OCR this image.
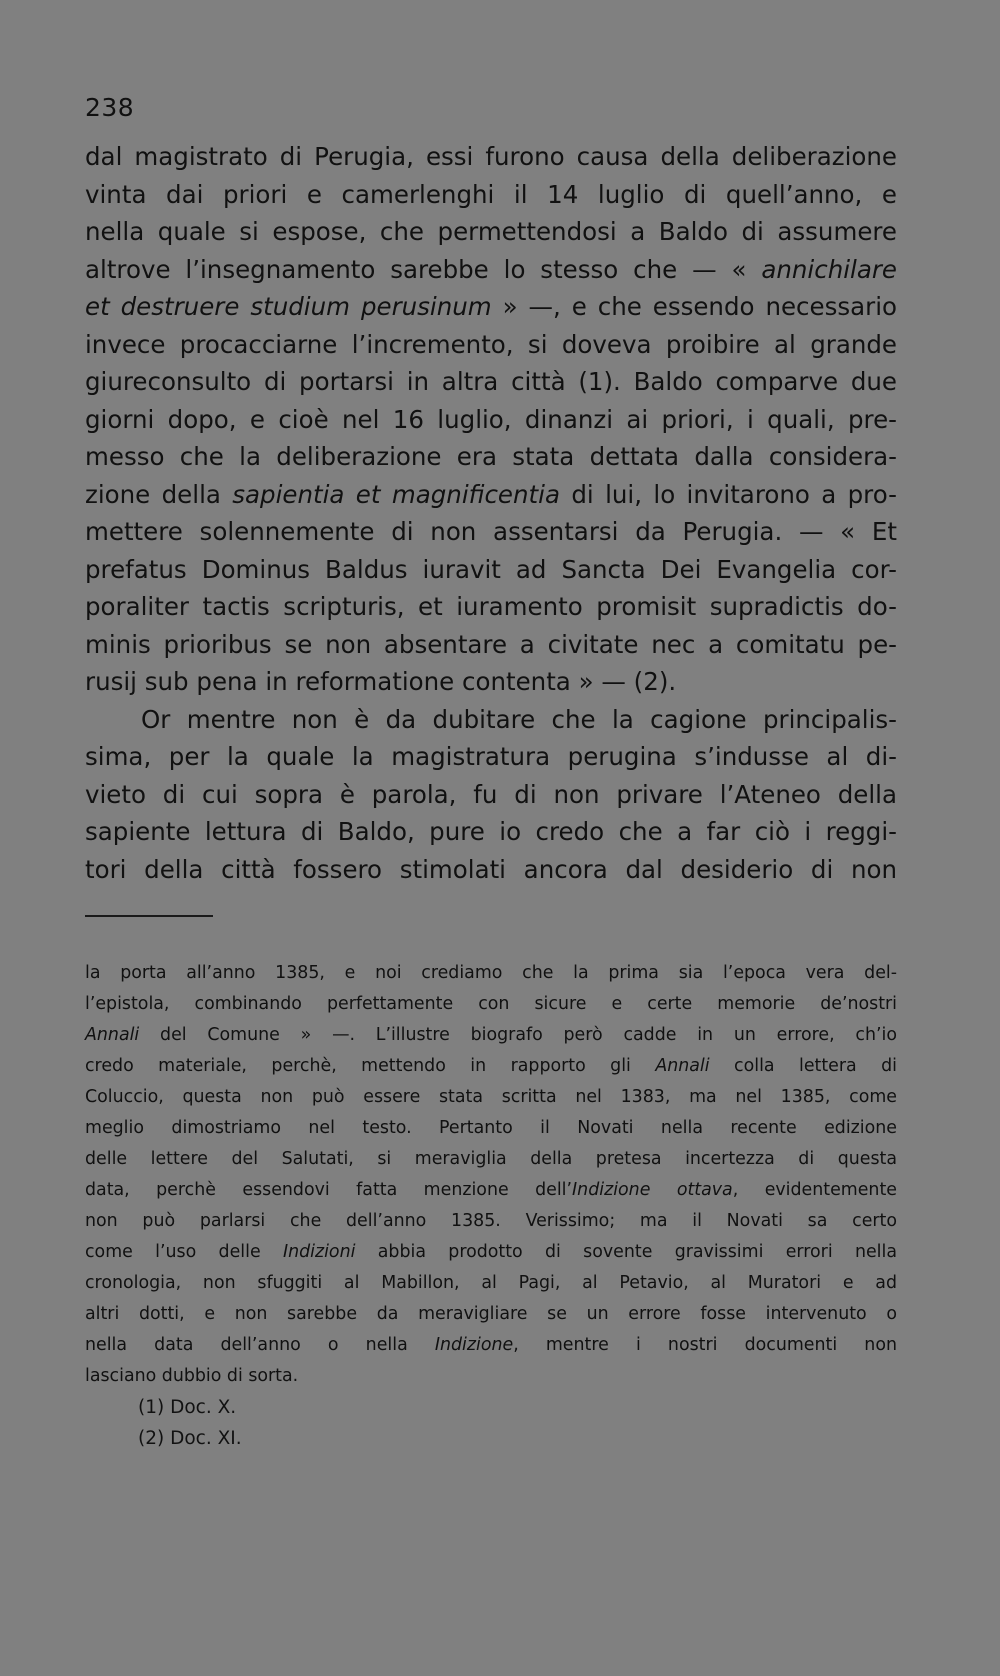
238
dal magistrato di Perugia, essi furono causa della deliberazione
vinta dai priori e camerlenghi il 14 luglio di quell’anno, e
nella quale si espose, che permettendosi a Baldo di assumere
altrove l’insegnamento sarebbe lo stesso che — « annichilare
et destruere studium perusinum » —, e che essendo necessario
invece procacciarne l’incremento, si doveva proibire al grande
giureconsulto di portarsi in altra città (1). Baldo comparve due
giorni dopo, e cioè nel 16 luglio, dinanzi ai priori, i quali, pre-
messo che la deliberazione era stata dettata dalla considera-
zione della sapientia et magnificentia di lui, lo invitarono a pro-
mettere solennemente di non assentarsi da Perugia. — « Et
prefatus Dominus Baldus iuravit ad Sancta Dei Evangelia cor-
poraliter tactis scripturis, et iuramento promisit supradictis do-
minis prioribus se non absentare a civitate nec a comitatu pe-
rusij sub pena in reformatione contenta » — (2).
Or mentre non è da dubitare che la cagione principalis-
sima, per la quale la magistratura perugina s’indusse al di-
vieto di cui sopra è parola, fu di non privare l’Ateneo della
sapiente lettura di Baldo, pure io credo che a far ciò i reggi-
tori della città fossero stimolati ancora dal desiderio di non
la porta all’anno 1385, e noi crediamo che la prima sia l’epoca vera del-
l’epistola, combinando perfettamente con sicure e certe memorie de’nostri
Annali del Comune » —. L’illustre biografo però cadde in un errore, ch’io
credo materiale, perchè, mettendo in rapporto gli Annali colla lettera di
Coluccio, questa non può essere stata scritta nel 1383, ma nel 1385, come
meglio dimostriamo nel testo. Pertanto il Novati nella recente edizione
delle lettere del Salutati, si meraviglia della pretesa incertezza di questa
data, perchè essendovi fatta menzione dell’Indizione ottava, evidentemente
non può parlarsi che dell’anno 1385. Verissimo; ma il Novati sa certo
come l’uso delle Indizioni abbia prodotto di sovente gravissimi errori nella
cronologia, non sfuggiti al Mabillon, al Pagi, al Petavio, al Muratori e ad
altri dotti, e non sarebbe da meravigliare se un errore fosse intervenuto o
nella data dell’anno o nella Indizione, mentre i nostri documenti non
lasciano dubbio di sorta.
(1) Doc. X.
(2) Doc. XI.
